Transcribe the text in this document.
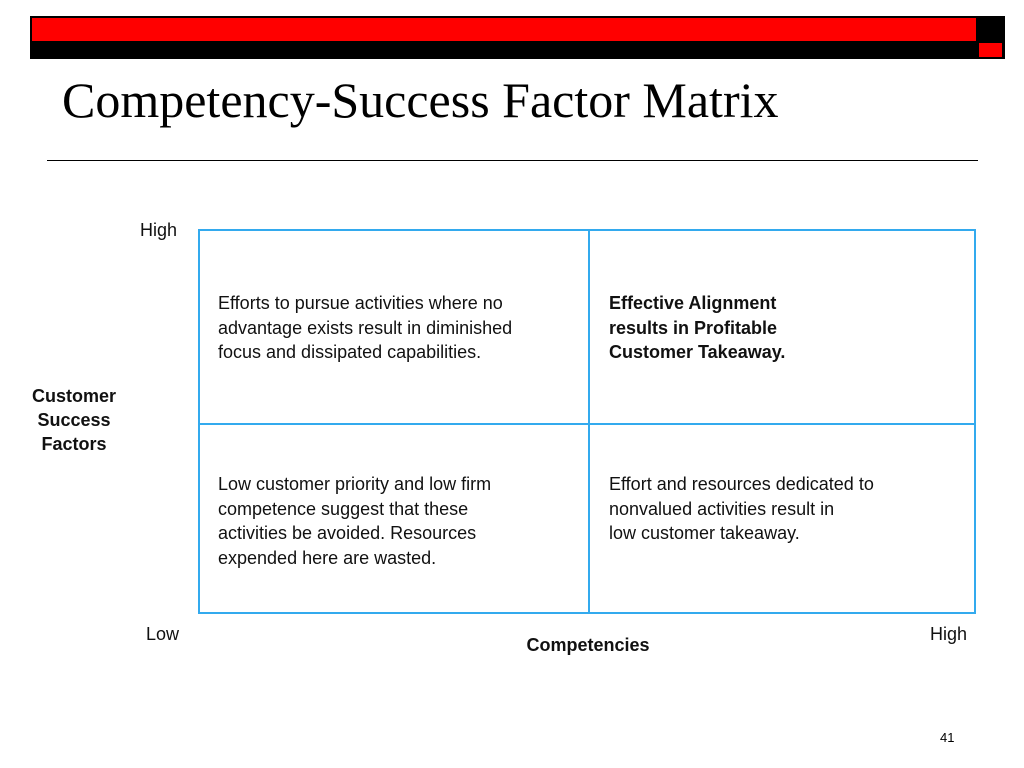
Competency-Success Factor Matrix
High
Customer
Success
Factors
Efforts to pursue activities where no
advantage exists result in diminished
focus and dissipated capabilities.
Effective Alignment
results in Profitable
Customer Takeaway.
Low customer priority and low firm
competence suggest that these
activities be avoided. Resources
expended here are wasted.
Effort and resources dedicated to
nonvalued activities result in
low customer takeaway.
Low	High
Competencies
41
